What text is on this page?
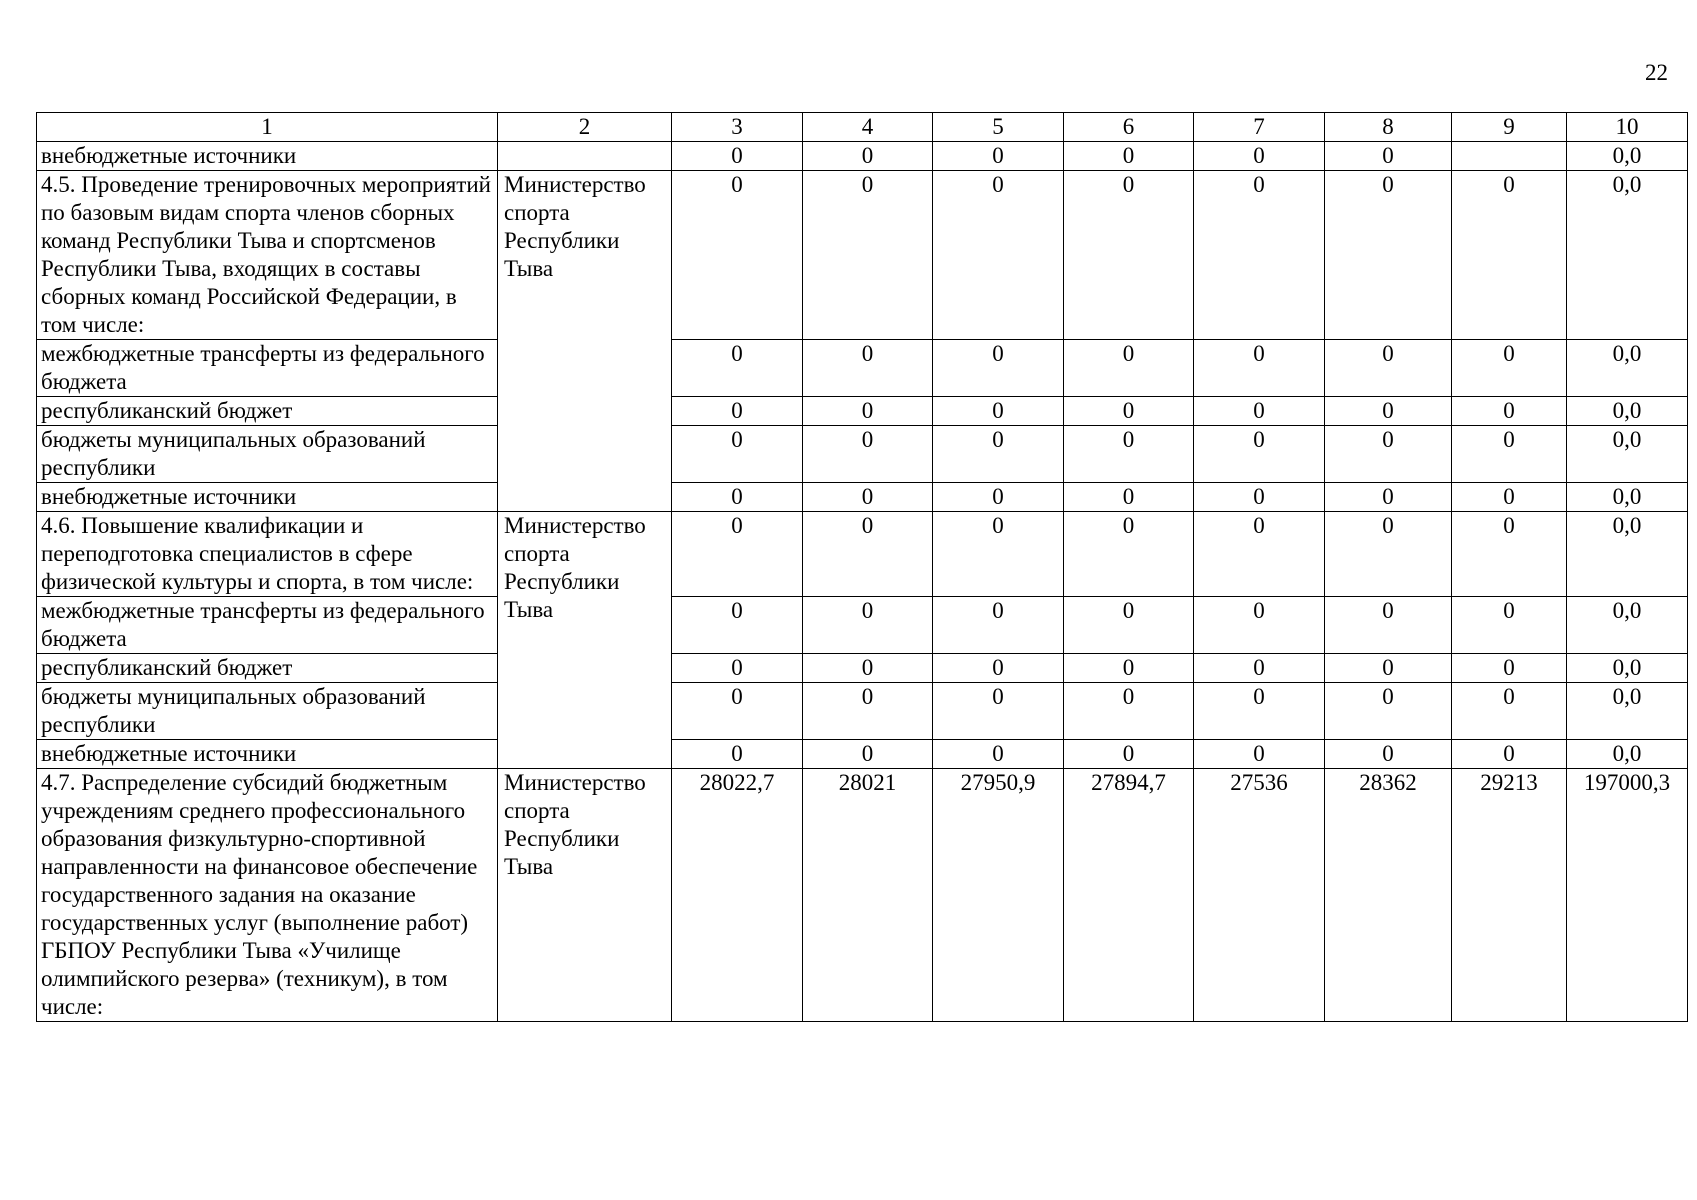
22
1	2	3	4	5	6	7	8	9	10
внебюджетные источники		0	0	0	0	0	0		0,0
4.5. Проведение тренировочных мероприятий по базовым видам спорта членов сборных команд Республики Тыва и спортсменов Республики Тыва, входящих в составы сборных команд Российской Федерации, в том числе:	Министерство спорта Республики Тыва	0	0	0	0	0	0	0	0,0
межбюджетные трансферты из федерального бюджета		0	0	0	0	0	0	0	0,0
республиканский бюджет		0	0	0	0	0	0	0	0,0
бюджеты муниципальных образований республики		0	0	0	0	0	0	0	0,0
внебюджетные источники		0	0	0	0	0	0	0	0,0
4.6. Повышение квалификации и переподготовка специалистов в сфере физической культуры и спорта, в том числе:	Министерство спорта Республики Тыва	0	0	0	0	0	0	0	0,0
межбюджетные трансферты из федерального бюджета		0	0	0	0	0	0	0	0,0
республиканский бюджет		0	0	0	0	0	0	0	0,0
бюджеты муниципальных образований республики		0	0	0	0	0	0	0	0,0
внебюджетные источники		0	0	0	0	0	0	0	0,0
4.7. Распределение субсидий бюджетным учреждениям среднего профессионального образования физкультурно-спортивной направленности на финансовое обеспечение государственного задания на оказание государственных услуг (выполнение работ) ГБПОУ Республики Тыва «Училище олимпийского резерва» (техникум), в том числе:	Министерство спорта Республики Тыва	28022,7	28021	27950,9	27894,7	27536	28362	29213	197000,3
